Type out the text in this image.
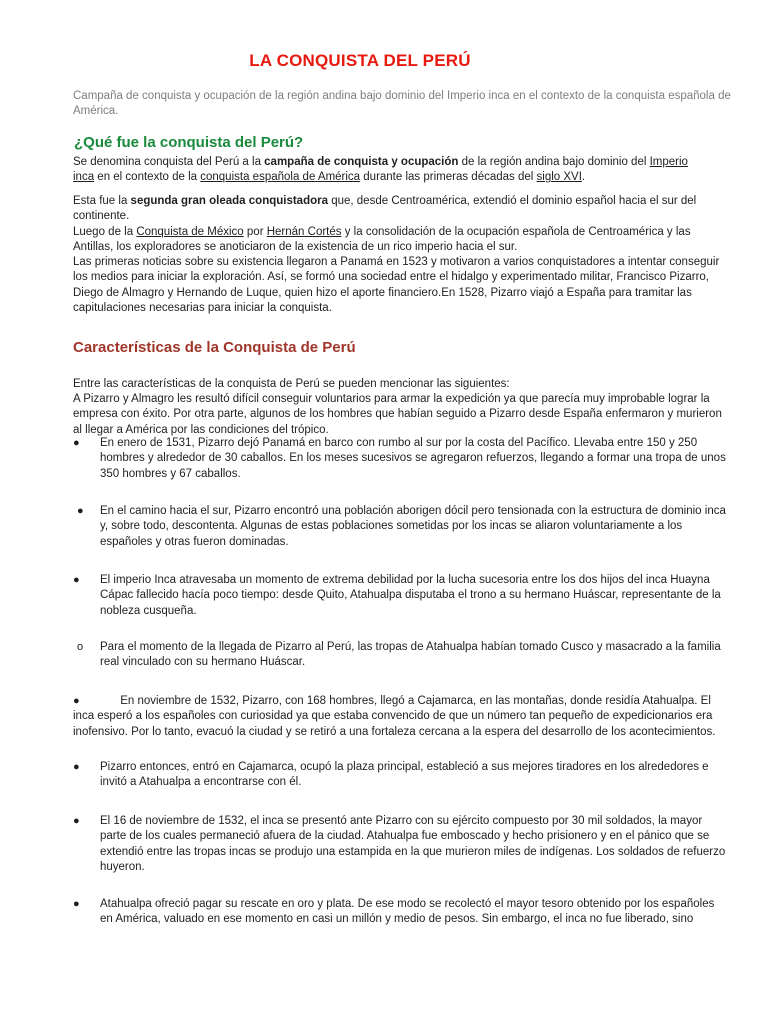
LA CONQUISTA DEL PERÚ
Campaña de conquista y ocupación de la región andina bajo dominio del Imperio inca en el contexto de la conquista española de América.
¿Qué fue la conquista del Perú?
Se denomina conquista del Perú a la campaña de conquista y ocupación de la región andina bajo dominio del Imperio
inca en el contexto de la conquista española de América durante las primeras décadas del siglo XVI.
Esta fue la segunda gran oleada conquistadora que, desde Centroamérica, extendió el dominio español hacia el sur del continente.
Luego de la Conquista de México por Hernán Cortés y la consolidación de la ocupación española de Centroamérica y las Antillas, los exploradores se anoticiaron de la existencia de un rico imperio hacia el sur.
Las primeras noticias sobre su existencia llegaron a Panamá en 1523 y motivaron a varios conquistadores a intentar conseguir los medios para iniciar la exploración. Así, se formó una sociedad entre el hidalgo y experimentado militar, Francisco Pizarro, Diego de Almagro y Hernando de Luque, quien hizo el aporte financiero.En 1528, Pizarro viajó a España para tramitar las capitulaciones necesarias para iniciar la conquista.
Características de la Conquista de Perú
Entre las características de la conquista de Perú se pueden mencionar las siguientes:
A Pizarro y Almagro les resultó difícil conseguir voluntarios para armar la expedición ya que parecía muy improbable lograr la empresa con éxito. Por otra parte, algunos de los hombres que habían seguido a Pizarro desde España enfermaron y murieron al llegar a América por las condiciones del trópico.
●	En enero de 1531, Pizarro dejó Panamá en barco con rumbo al sur por la costa del Pacífico. Llevaba entre 150 y 250 hombres y alrededor de 30 caballos. En los meses sucesivos se agregaron refuerzos, llegando a formar una tropa de unos 350 hombres y 67 caballos.
●	En el camino hacia el sur, Pizarro encontró una población aborigen dócil pero tensionada con la estructura de dominio inca y, sobre todo, descontenta. Algunas de estas poblaciones sometidas por los incas se aliaron voluntariamente a los españoles y otras fueron dominadas.
●	El imperio Inca atravesaba un momento de extrema debilidad por la lucha sucesoria entre los dos hijos del inca Huayna Cápac fallecido hacía poco tiempo: desde Quito, Atahualpa disputaba el trono a su hermano Huáscar, representante de la nobleza cusqueña.
o	Para el momento de la llegada de Pizarro al Perú, las tropas de Atahualpa habían tomado Cusco y masacrado a la familia real vinculado con su hermano Huáscar.
●	En noviembre de 1532, Pizarro, con 168 hombres, llegó a Cajamarca, en las montañas, donde residía Atahualpa. El inca esperó a los españoles con curiosidad ya que estaba convencido de que un número tan pequeño de expedicionarios era inofensivo. Por lo tanto, evacuó la ciudad y se retiró a una fortaleza cercana a la espera del desarrollo de los acontecimientos.
●	Pizarro entonces, entró en Cajamarca, ocupó la plaza principal, estableció a sus mejores tiradores en los alrededores e invitó a Atahualpa a encontrarse con él.
●	El 16 de noviembre de 1532, el inca se presentó ante Pizarro con su ejército compuesto por 30 mil soldados, la mayor parte de los cuales permaneció afuera de la ciudad. Atahualpa fue emboscado y hecho prisionero y en el pánico que se extendió entre las tropas incas se produjo una estampida en la que murieron miles de indígenas. Los soldados de refuerzo huyeron.
●	Atahualpa ofreció pagar su rescate en oro y plata. De ese modo se recolectó el mayor tesoro obtenido por los españoles en América, valuado en ese momento en casi un millón y medio de pesos. Sin embargo, el inca no fue liberado, sino
